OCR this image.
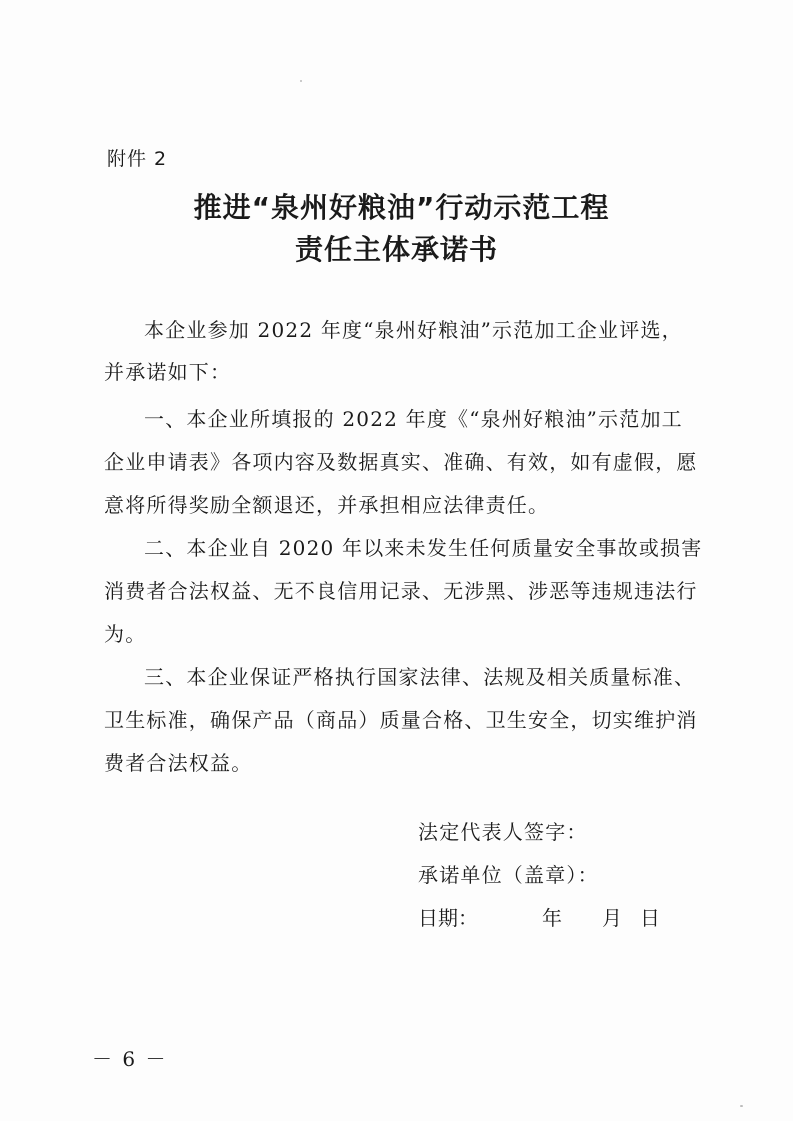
附件 2
推进“泉州好粮油”行动示范工程
责任主体承诺书
本企业参加 2022 年度“泉州好粮油”示范加工企业评选，
并承诺如下：
一、本企业所填报的 2022 年度《“泉州好粮油”示范加工
企业申请表》各项内容及数据真实、准确、有效，如有虚假，愿
意将所得奖励全额退还，并承担相应法律责任。
二、本企业自 2020 年以来未发生任何质量安全事故或损害
消费者合法权益、无不良信用记录、无涉黑、涉恶等违规违法行
为。
三、本企业保证严格执行国家法律、法规及相关质量标准、
卫生标准，确保产品（商品）质量合格、卫生安全，切实维护消
费者合法权益。
法定代表人签字：
承诺单位（盖章）：
日期：	年 月 日
－ 6 －
